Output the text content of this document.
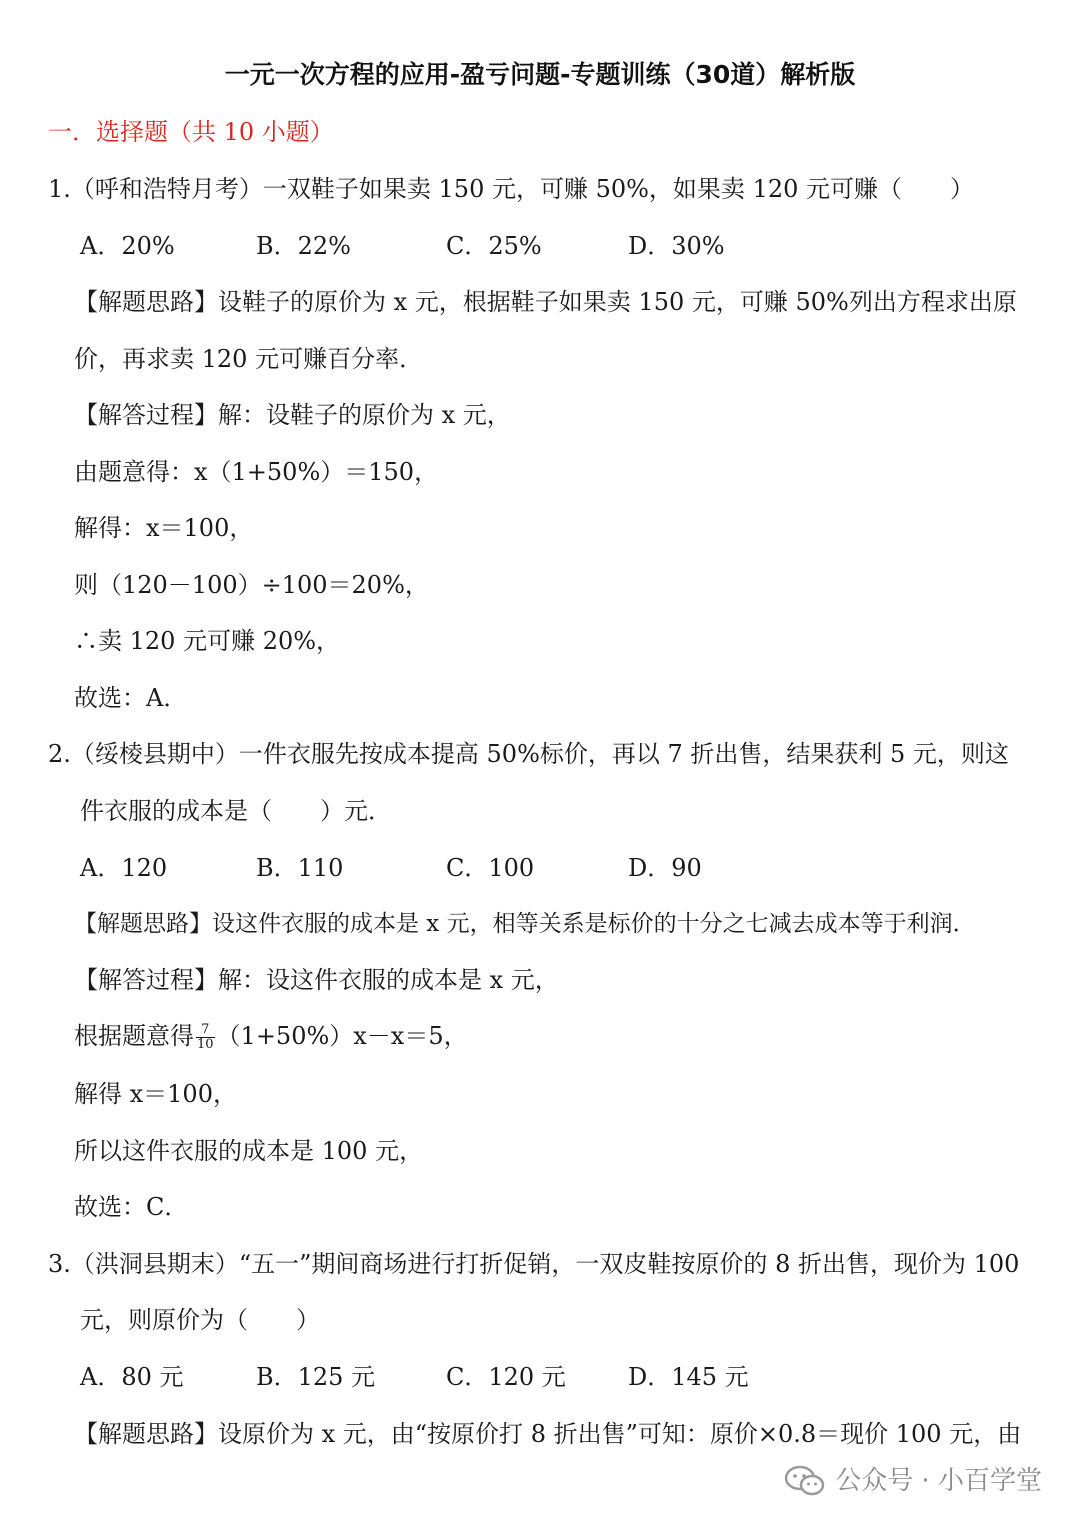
一元一次方程的应用-盈亏问题-专题训练（30道）解析版
一．选择题（共 10 小题）
1.（呼和浩特月考）一双鞋子如果卖 150 元，可赚 50%，如果卖 120 元可赚（　　）
A．20%	B．22%	C．25%	D．30%
【解题思路】设鞋子的原价为 x 元，根据鞋子如果卖 150 元，可赚 50%列出方程求出原
价，再求卖 120 元可赚百分率．
【解答过程】解：设鞋子的原价为 x 元，
由题意得：x（1+50%）＝150，
解得：x＝100，
则（120－100）÷100＝20%，
∴卖 120 元可赚 20%，
故选：A．
2.（绥棱县期中）一件衣服先按成本提高 50%标价，再以 7 折出售，结果获利 5 元，则这
件衣服的成本是（　　）元．
A．120	B．110	C．100	D．90
【解题思路】设这件衣服的成本是 x 元，相等关系是标价的十分之七减去成本等于利润．
【解答过程】解：设这件衣服的成本是 x 元，
根据题意得 $\frac{7}{10} (1+50\%)x-x=5$，
解得 x＝100，
所以这件衣服的成本是 100 元，
故选：C．
3.（洪洞县期末）“五一”期间商场进行打折促销，一双皮鞋按原价的 8 折出售，现价为 100
元，则原价为（　　）
A．80 元	B．125 元	C．120 元	D．145 元
【解题思路】设原价为 x 元，由“按原价打 8 折出售”可知：原价×0.8＝现价 100 元，由
公众号 · 小百学堂
